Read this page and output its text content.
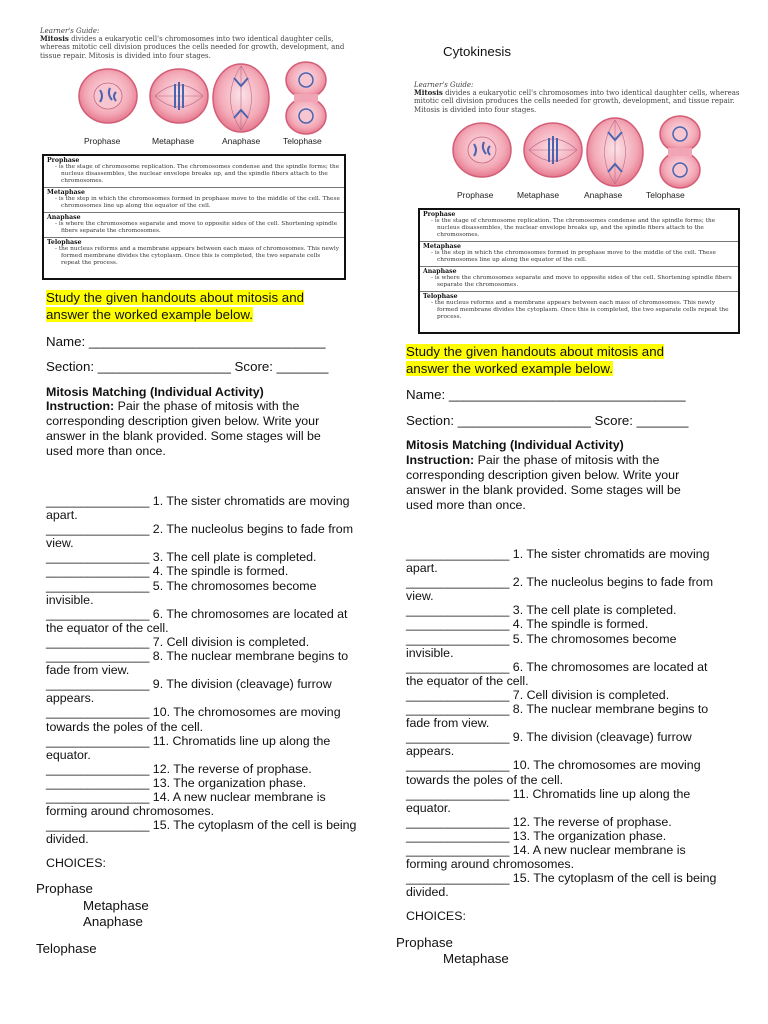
Cytokinesis
Learner's Guide:
Mitosis divides a eukaryotic cell's chromosomes into two identical daughter cells, whereas mitotic cell division produces the cells needed for growth, development, and tissue repair. Mitosis is divided into four stages.
Prophase	Metaphase	Anaphase	Telophase
Prophase
- is the stage of chromosome replication. The chromosomes condense and the spindle forms; the nucleus disassembles, the nuclear envelope breaks up, and the spindle fibers attach to the chromosomes.
Metaphase
- is the step in which the chromosomes formed in prophase move to the middle of the cell. These chromosomes line up along the equator of the cell.
Anaphase
- is where the chromosomes separate and move to opposite sides of the cell. Shortening spindle fibers separate the chromosomes.
Telophase
- the nucleus reforms and a membrane appears between each mass of chromosomes. This newly formed membrane divides the cytoplasm. Once this is completed, the two separate cells repeat the process.
Study the given handouts about mitosis and answer the worked example below.
Name: ________________________________
Section: __________________ Score: _______
Mitosis Matching (Individual Activity)
Instruction: Pair the phase of mitosis with the corresponding description given below. Write your answer in the blank provided. Some stages will be used more than once.
_______________ 1. The sister chromatids are moving apart.
_______________ 2. The nucleolus begins to fade from view.
_______________ 3. The cell plate is completed.
_______________ 4. The spindle is formed.
_______________ 5. The chromosomes become invisible.
_______________ 6. The chromosomes are located at the equator of the cell.
_______________ 7. Cell division is completed.
_______________ 8. The nuclear membrane begins to fade from view.
_______________ 9. The division (cleavage) furrow appears.
_______________ 10. The chromosomes are moving towards the poles of the cell.
_______________ 11. Chromatids line up along the equator.
_______________ 12. The reverse of prophase.
_______________ 13. The organization phase.
_______________ 14. A new nuclear membrane is forming around chromosomes.
_______________ 15. The cytoplasm of the cell is being divided.
CHOICES:
Prophase
Metaphase
Anaphase
Telophase
Learner's Guide:
Mitosis divides a eukaryotic cell's chromosomes into two identical daughter cells, whereas mitotic cell division produces the cells needed for growth, development, and tissue repair. Mitosis is divided into four stages.
Prophase	Metaphase	Anaphase	Telophase
Prophase
- is the stage of chromosome replication. The chromosomes condense and the spindle forms; the nucleus disassembles, the nuclear envelope breaks up, and the spindle fibers attach to the chromosomes.
Metaphase
- is the step in which the chromosomes formed in prophase move to the middle of the cell. These chromosomes line up along the equator of the cell.
Anaphase
- is where the chromosomes separate and move to opposite sides of the cell. Shortening spindle fibers separate the chromosomes.
Telophase
- the nucleus reforms and a membrane appears between each mass of chromosomes. This newly formed membrane divides the cytoplasm. Once this is completed, the two separate cells repeat the process.
Study the given handouts about mitosis and answer the worked example below.
Name: ________________________________
Section: __________________ Score: _______
Mitosis Matching (Individual Activity)
Instruction: Pair the phase of mitosis with the corresponding description given below. Write your answer in the blank provided. Some stages will be used more than once.
_______________ 1. The sister chromatids are moving apart.
_______________ 2. The nucleolus begins to fade from view.
_______________ 3. The cell plate is completed.
_______________ 4. The spindle is formed.
_______________ 5. The chromosomes become invisible.
_______________ 6. The chromosomes are located at the equator of the cell.
_______________ 7. Cell division is completed.
_______________ 8. The nuclear membrane begins to fade from view.
_______________ 9. The division (cleavage) furrow appears.
_______________ 10. The chromosomes are moving towards the poles of the cell.
_______________ 11. Chromatids line up along the equator.
_______________ 12. The reverse of prophase.
_______________ 13. The organization phase.
_______________ 14. A new nuclear membrane is forming around chromosomes.
_______________ 15. The cytoplasm of the cell is being divided.
CHOICES:
Prophase
Metaphase
